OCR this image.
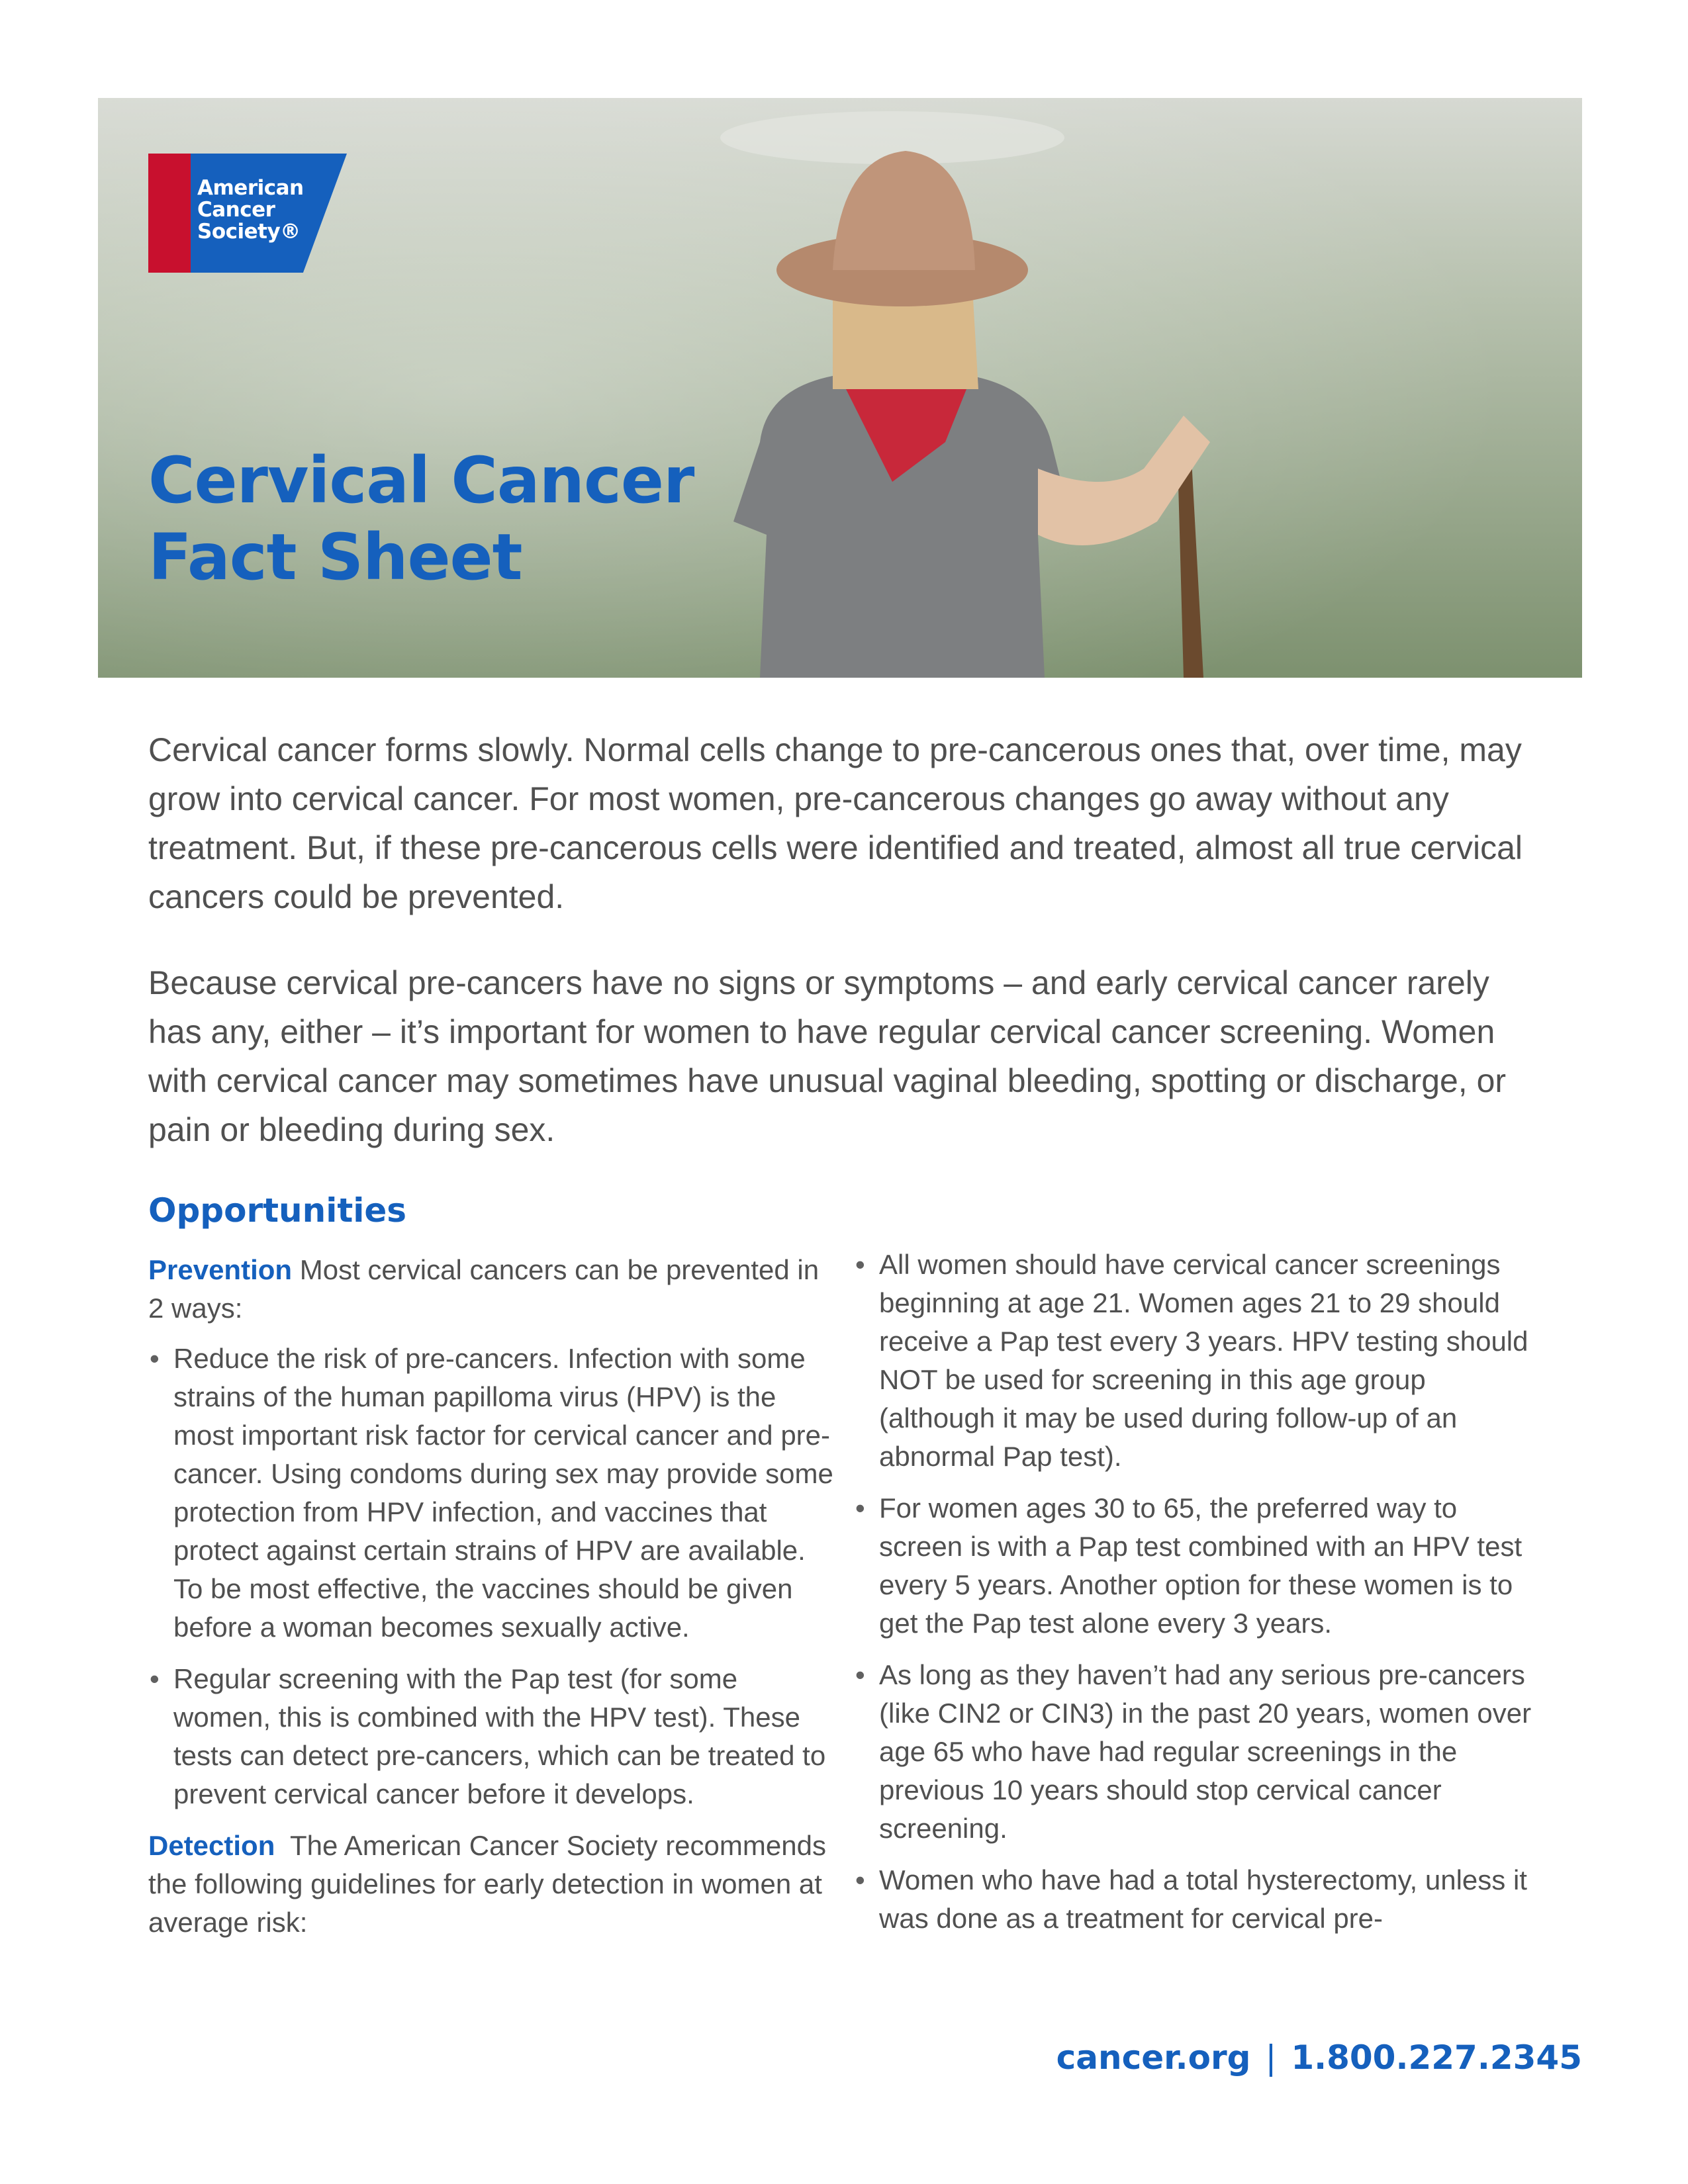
American
Cancer
Society®
Cervical Cancer
Fact Sheet

Cervical cancer forms slowly. Normal cells change to pre-cancerous ones that, over time, may grow into cervical cancer. For most women, pre-cancerous changes go away without any treatment. But, if these pre-cancerous cells were identified and treated, almost all true cervical cancers could be prevented.

Because cervical pre-cancers have no signs or symptoms – and early cervical cancer rarely has any, either – it’s important for women to have regular cervical cancer screening. Women with cervical cancer may sometimes have unusual vaginal bleeding, spotting or discharge, or pain or bleeding during sex.

Opportunities

Prevention Most cervical cancers can be prevented in 2 ways:

• Reduce the risk of pre-cancers. Infection with some strains of the human papilloma virus (HPV) is the most important risk factor for cervical cancer and pre-cancer. Using condoms during sex may provide some protection from HPV infection, and vaccines that protect against certain strains of HPV are available. To be most effective, the vaccines should be given before a woman becomes sexually active.
• Regular screening with the Pap test (for some women, this is combined with the HPV test). These tests can detect pre-cancers, which can be treated to prevent cervical cancer before it develops.

Detection The American Cancer Society recommends the following guidelines for early detection in women at average risk:

• All women should have cervical cancer screenings beginning at age 21. Women ages 21 to 29 should receive a Pap test every 3 years. HPV testing should NOT be used for screening in this age group (although it may be used during follow-up of an abnormal Pap test).
• For women ages 30 to 65, the preferred way to screen is with a Pap test combined with an HPV test every 5 years. Another option for these women is to get the Pap test alone every 3 years.
• As long as they haven’t had any serious pre-cancers (like CIN2 or CIN3) in the past 20 years, women over age 65 who have had regular screenings in the previous 10 years should stop cervical cancer screening.
• Women who have had a total hysterectomy, unless it was done as a treatment for cervical pre-
cancer.org | 1.800.227.2345
